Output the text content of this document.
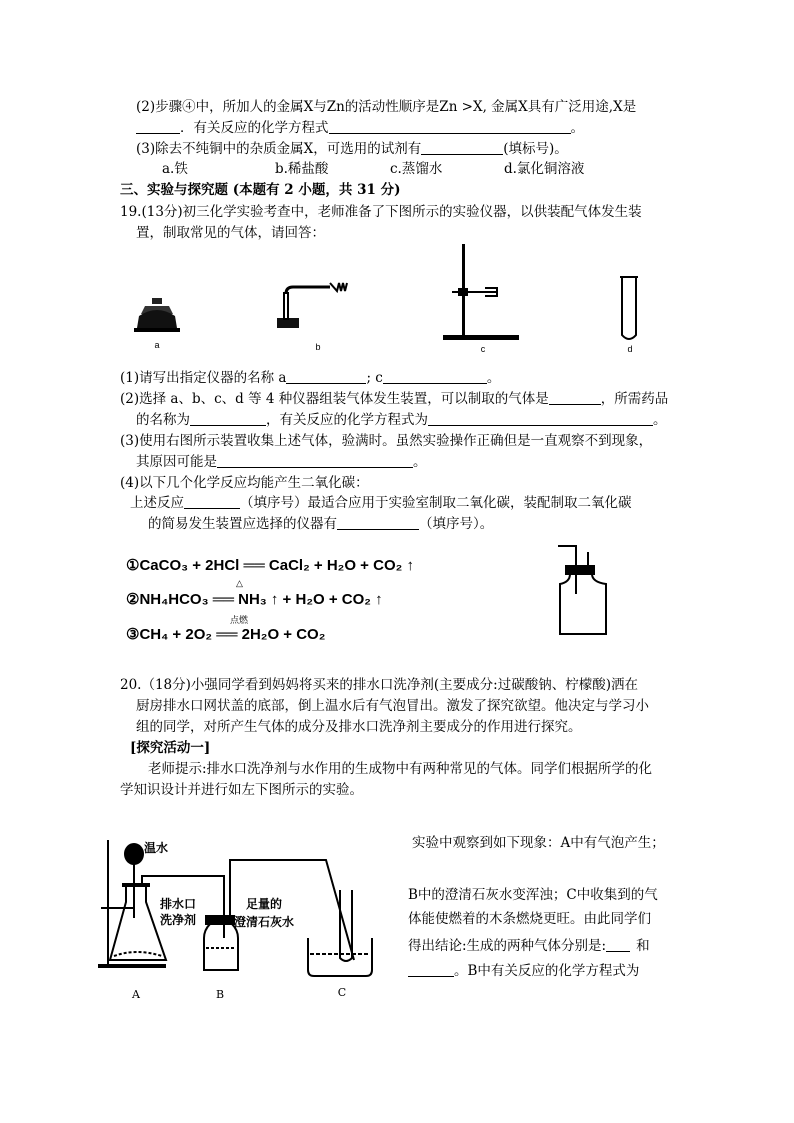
(2)步骤④中，所加人的金属X与Zn的活动性顺序是Zn >X, 金属X具有广泛用途,X是
．有关反应的化学方程式	。
(3)除去不纯铜中的杂质金属X，可选用的试剂有	(填标号)。
a.铁	b.稀盐酸	c.蒸馏水	d.氯化铜溶液
三、实验与探究题 (本题有 2 小题，共 31 分)
19.(13分)初三化学实验考查中，老师准备了下图所示的实验仪器，以供装配气体发生装
置，制取常见的气体，请回答：
a	b	c	d
(1)请写出指定仪器的名称 a	; c	。
(2)选择 a、b、c、d 等 4 种仪器组装气体发生装置，可以制取的气体是	，所需药品
的名称为	，有关反应的化学方程式为	。
(3)使用右图所示装置收集上述气体，验满时。虽然实验操作正确但是一直观察不到现象，
其原因可能是	。
(4)以下几个化学反应均能产生二氧化碳：
上述反应	（填序号）最适合应用于实验室制取二氧化碳，装配制取二氧化碳
的简易发生装置应选择的仪器有	（填序号）。
①CaCO₃ + 2HCl ══ CaCl₂ + H₂O + CO₂ ↑
△
②NH₄HCO₃ ══ NH₃ ↑ + H₂O + CO₂ ↑
点燃
③CH₄ + 2O₂ ══ 2H₂O + CO₂
20.（18分)小强同学看到妈妈将买来的排水口洗净剂(主要成分:过碳酸钠、柠檬酸)洒在
厨房排水口网状盖的底部，倒上温水后有气泡冒出。激发了探究欲望。他决定与学习小
组的同学，对所产生气体的成分及排水口洗净剂主要成分的作用进行探究。
[探究活动一]
老师提示:排水口洗净剂与水作用的生成物中有两种常见的气体。同学们根据所学的化
学知识设计并进行如左下图所示的实验。
温水
排水口
洗净剂
足量的
澄清石灰水
A	B	C
实验中观察到如下现象：A中有气泡产生；
B中的澄清石灰水变浑浊；C中收集到的气
体能使燃着的木条燃烧更旺。由此同学们
得出结论:生成的两种气体分别是: 和
。B中有关反应的化学方程式为
